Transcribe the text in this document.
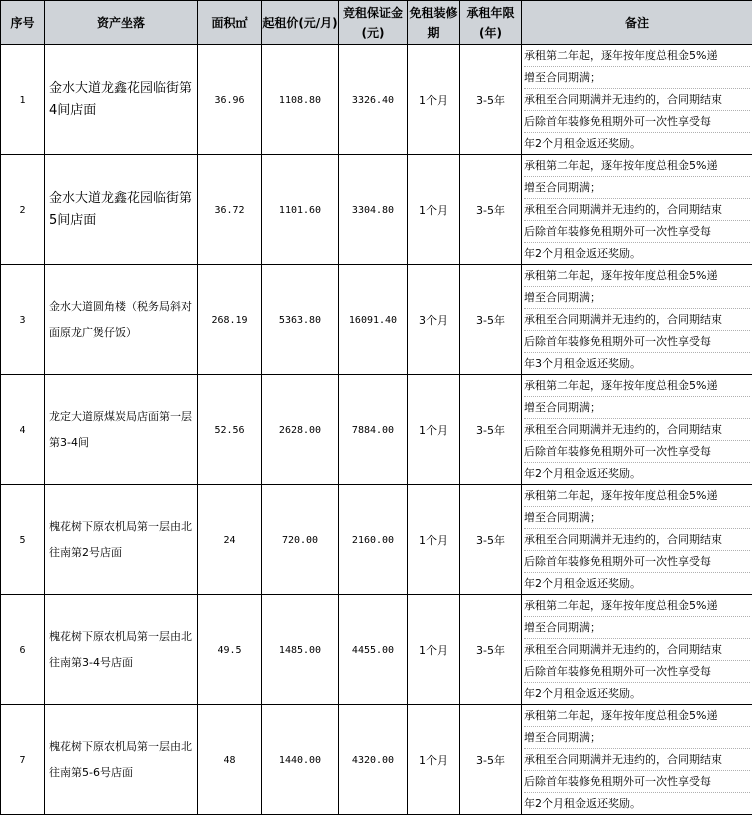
序号	资产坐落	面积㎡	起租价(元/月)	竞租保证金(元)	免租装修期	承租年限(年)	备注
1	金水大道龙鑫花园临街第4间店面	36.96	1108.80	3326.40	1个月	3-5年	承租第二年起，逐年按年度总租金5%递
增至合同期满；
承租至合同期满并无违约的，合同期结束
后除首年装修免租期外可一次性享受每
年2个月租金返还奖励。

2	金水大道龙鑫花园临街第5间店面	36.72	1101.60	3304.80	1个月	3-5年	承租第二年起，逐年按年度总租金5%递
增至合同期满；
承租至合同期满并无违约的，合同期结束
后除首年装修免租期外可一次性享受每
年2个月租金返还奖励。

3	金水大道圆角楼（税务局斜对面原龙广煲仔饭）	268.19	5363.80	16091.40	3个月	3-5年	承租第二年起，逐年按年度总租金5%递
增至合同期满；
承租至合同期满并无违约的，合同期结束
后除首年装修免租期外可一次性享受每
年3个月租金返还奖励。

4	龙定大道原煤炭局店面第一层 第3-4间	52.56	2628.00	7884.00	1个月	3-5年	承租第二年起，逐年按年度总租金5%递
增至合同期满；
承租至合同期满并无违约的，合同期结束
后除首年装修免租期外可一次性享受每
年2个月租金返还奖励。

5	槐花树下原农机局第一层由北往南第2号店面	24	720.00	2160.00	1个月	3-5年	承租第二年起，逐年按年度总租金5%递
增至合同期满；
承租至合同期满并无违约的，合同期结束
后除首年装修免租期外可一次性享受每
年2个月租金返还奖励。

6	槐花树下原农机局第一层由北往南第3-4号店面	49.5	1485.00	4455.00	1个月	3-5年	承租第二年起，逐年按年度总租金5%递
增至合同期满；
承租至合同期满并无违约的，合同期结束
后除首年装修免租期外可一次性享受每
年2个月租金返还奖励。

7	槐花树下原农机局第一层由北往南第5-6号店面	48	1440.00	4320.00	1个月	3-5年	承租第二年起，逐年按年度总租金5%递
增至合同期满；
承租至合同期满并无违约的，合同期结束
后除首年装修免租期外可一次性享受每
年2个月租金返还奖励。
